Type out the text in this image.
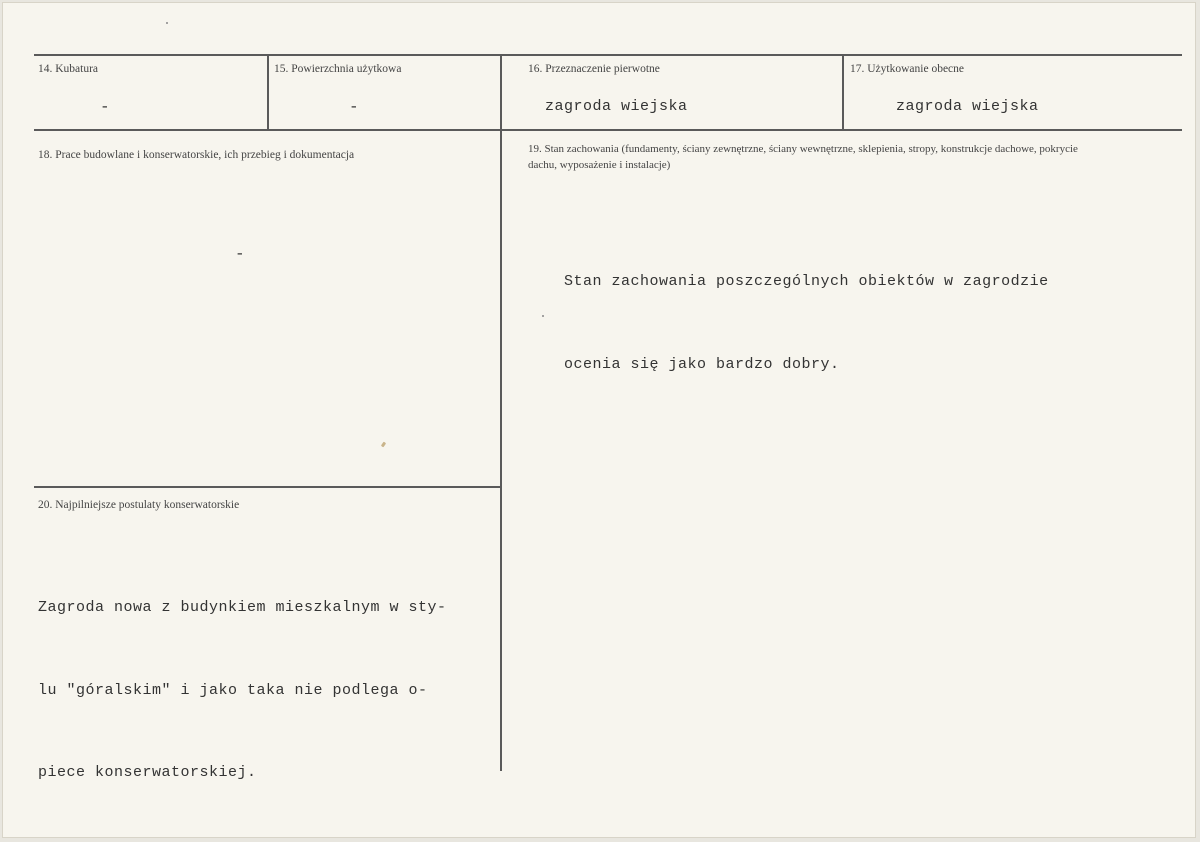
14. Kubatura
-
15. Powierzchnia użytkowa
-
16. Przeznaczenie pierwotne
zagroda wiejska
17. Użytkowanie obecne
zagroda wiejska
18. Prace budowlane i konserwatorskie, ich przebieg i dokumentacja
-
19. Stan zachowania (fundamenty, ściany zewnętrzne, ściany wewnętrzne, sklepienia, stropy, konstrukcje dachowe, pokrycie dachu, wyposażenie i instalacje)

Stan zachowania poszczególnych obiektów w zagrodzie

ocenia się jako bardzo dobry.

20. Najpilniejsze postulaty konserwatorskie

Zagroda nowa z budynkiem mieszkalnym w sty-

lu "góralskim" i jako taka nie podlega o-

piece konserwatorskiej.
